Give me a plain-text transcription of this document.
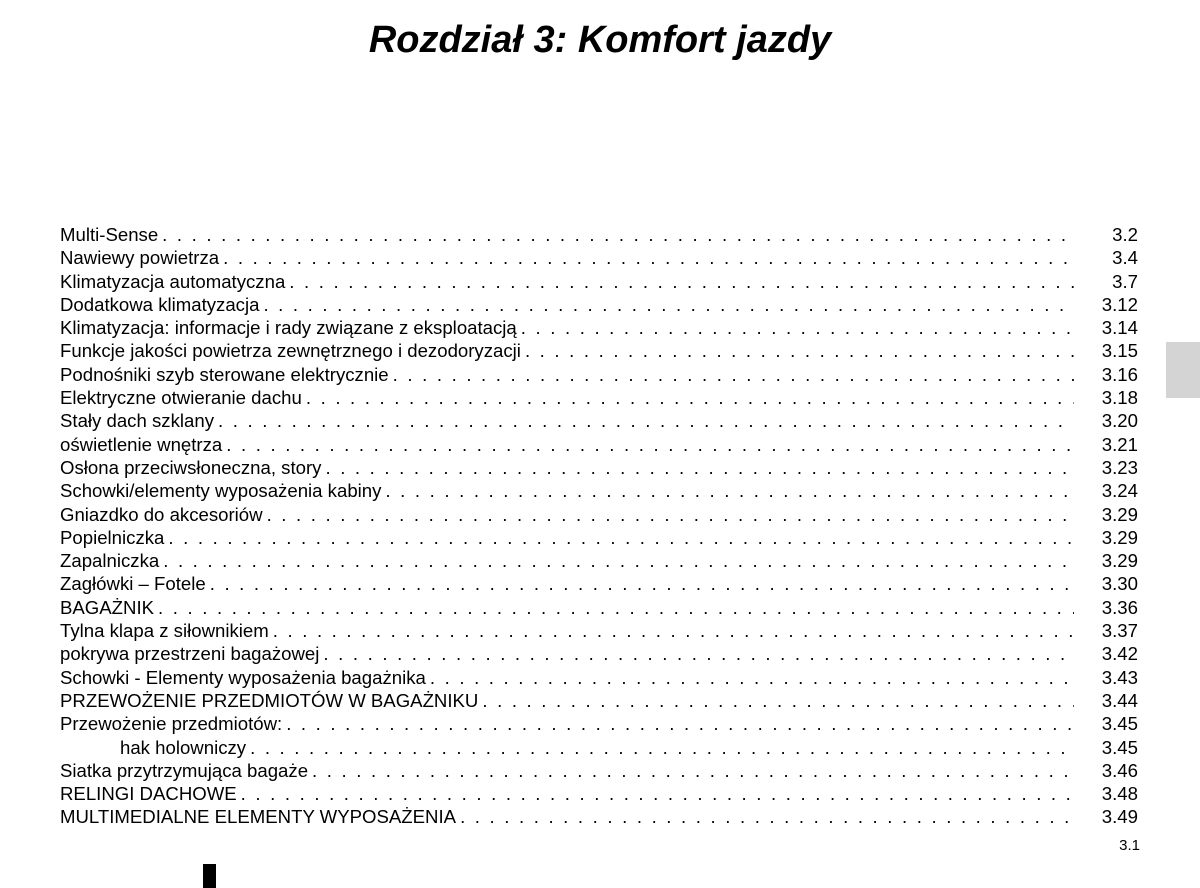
Rozdział 3: Komfort jazdy
Multi-Sense . . .	3.2
Nawiewy powietrza . . .	3.4
Klimatyzacja automatyczna . . .	3.7
Dodatkowa klimatyzacja . . .	3.12
Klimatyzacja: informacje i rady związane z eksploatacją . . .	3.14
Funkcje jakości powietrza zewnętrznego i dezodoryzacji . . .	3.15
Podnośniki szyb sterowane elektrycznie . . .	3.16
Elektryczne otwieranie dachu . . .	3.18
Stały dach szklany . . .	3.20
oświetlenie wnętrza . . .	3.21
Osłona przeciwsłoneczna, story . . .	3.23
Schowki/elementy wyposażenia kabiny . . .	3.24
Gniazdko do akcesoriów . . .	3.29
Popielniczka . . .	3.29
Zapalniczka . . .	3.29
Zagłówki – Fotele . . .	3.30
BAGAŻNIK . . .	3.36
Tylna klapa z siłownikiem . . .	3.37
pokrywa przestrzeni bagażowej . . .	3.42
Schowki - Elementy wyposażenia bagażnika . . .	3.43
PRZEWOŻENIE PRZEDMIOTÓW W BAGAŻNIKU . . .	3.44
Przewożenie przedmiotów: . . .	3.45
hak holowniczy . . .	3.45
Siatka przytrzymująca bagaże . . .	3.46
RELINGI DACHOWE . . .	3.48
MULTIMEDIALNE ELEMENTY WYPOSAŻENIA . . .	3.49
3.1
